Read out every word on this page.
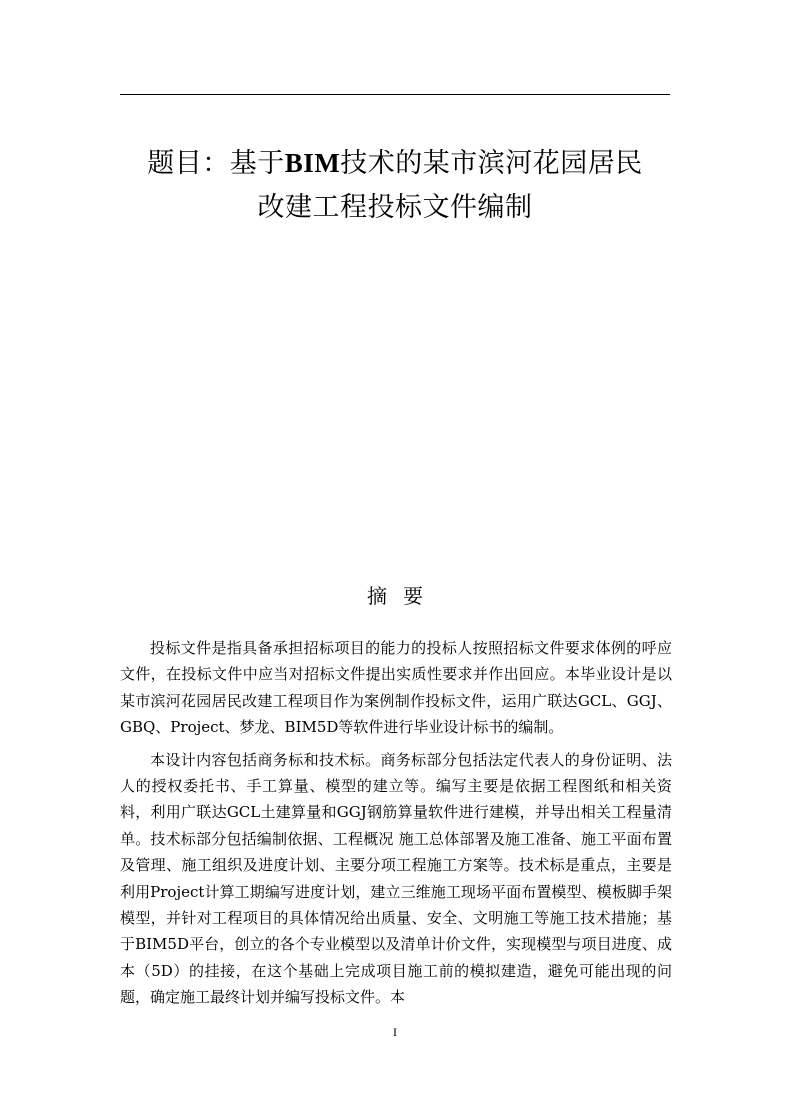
题目：基于BIM技术的某市滨河花园居民
改建工程投标文件编制
摘要

投标文件是指具备承担招标项目的能力的投标人按照招标文件要求体例的呼应文件，在投标文件中应当对招标文件提出实质性要求并作出回应。本毕业设计是以某市滨河花园居民改建工程项目作为案例制作投标文件，运用广联达GCL、GGJ、GBQ、Project、梦龙、BIM5D等软件进行毕业设计标书的编制。

本设计内容包括商务标和技术标。商务标部分包括法定代表人的身份证明、法人的授权委托书、手工算量、模型的建立等。编写主要是依据工程图纸和相关资料，利用广联达GCL土建算量和GGJ钢筋算量软件进行建模，并导出相关工程量清单。技术标部分包括编制依据、工程概况 施工总体部署及施工准备、施工平面布置及管理、施工组织及进度计划、主要分项工程施工方案等。技术标是重点，主要是利用Project计算工期编写进度计划，建立三维施工现场平面布置模型、模板脚手架模型，并针对工程项目的具体情况给出质量、安全、文明施工等施工技术措施；基于BIM5D平台，创立的各个专业模型以及清单计价文件，实现模型与项目进度、成本（5D）的挂接，在这个基础上完成项目施工前的模拟建造，避免可能出现的问题，确定施工最终计划并编写投标文件。本

I
